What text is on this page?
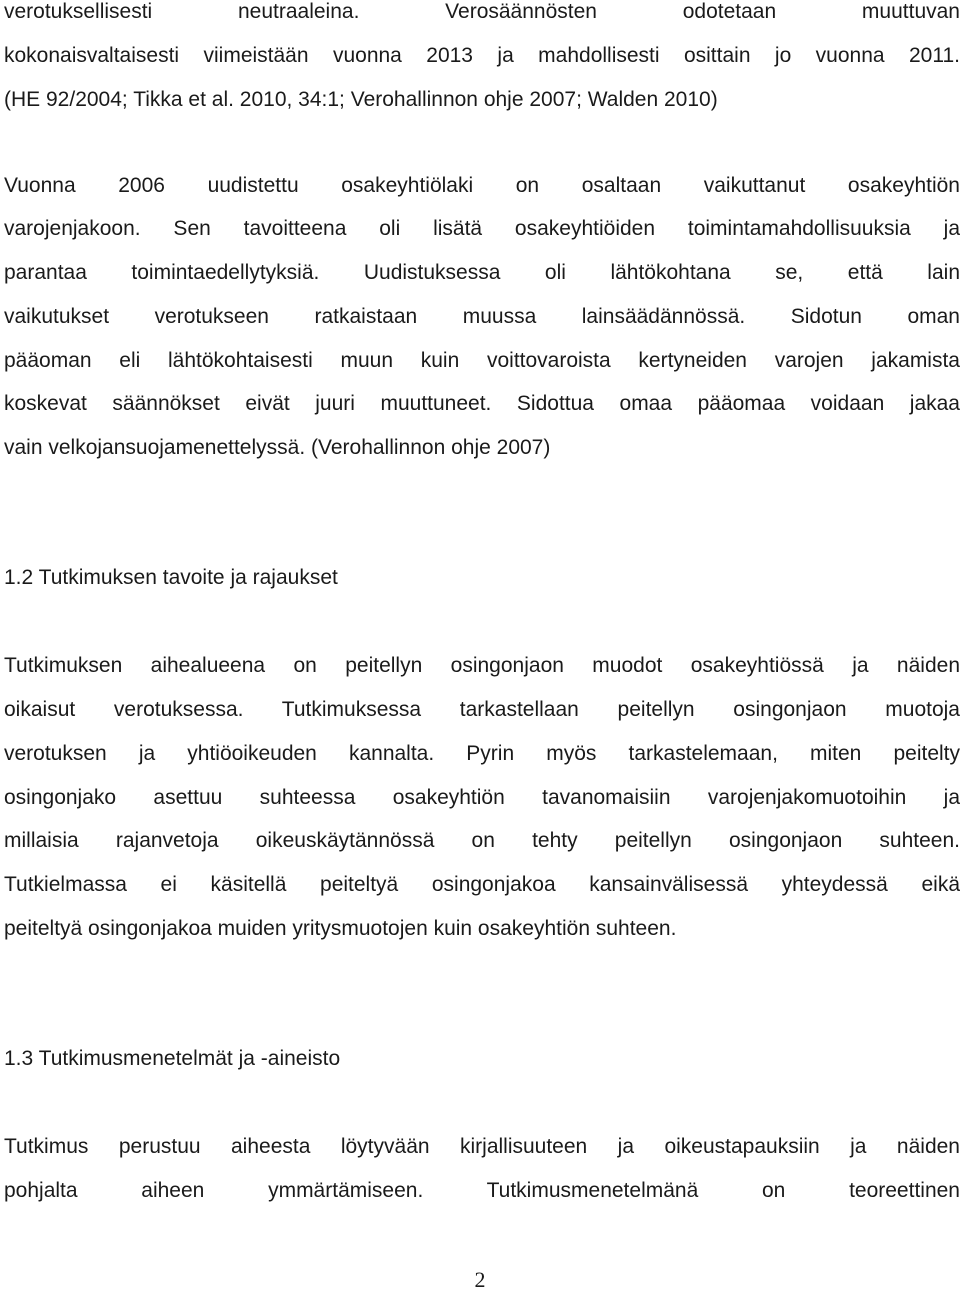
verotuksellisesti neutraaleina. Verosäännösten odotetaan muuttuvan
kokonaisvaltaisesti viimeistään vuonna 2013 ja mahdollisesti osittain jo vuonna 2011.
(HE 92/2004; Tikka et al. 2010, 34:1; Verohallinnon ohje 2007; Walden 2010)
Vuonna 2006 uudistettu osakeyhtiölaki on osaltaan vaikuttanut osakeyhtiön
varojenjakoon. Sen tavoitteena oli lisätä osakeyhtiöiden toimintamahdollisuuksia ja
parantaa toimintaedellytyksiä. Uudistuksessa oli lähtökohtana se, että lain
vaikutukset verotukseen ratkaistaan muussa lainsäädännössä. Sidotun oman
pääoman eli lähtökohtaisesti muun kuin voittovaroista kertyneiden varojen jakamista
koskevat säännökset eivät juuri muuttuneet. Sidottua omaa pääomaa voidaan jakaa
vain velkojansuojamenettelyssä. (Verohallinnon ohje 2007)
1.2 Tutkimuksen tavoite ja rajaukset
Tutkimuksen aihealueena on peitellyn osingonjaon muodot osakeyhtiössä ja näiden
oikaisut verotuksessa. Tutkimuksessa tarkastellaan peitellyn osingonjaon muotoja
verotuksen ja yhtiöoikeuden kannalta. Pyrin myös tarkastelemaan, miten peitelty
osingonjako asettuu suhteessa osakeyhtiön tavanomaisiin varojenjakomuotoihin ja
millaisia rajanvetoja oikeuskäytännössä on tehty peitellyn osingonjaon suhteen.
Tutkielmassa ei käsitellä peiteltyä osingonjakoa kansainvälisessä yhteydessä eikä
peiteltyä osingonjakoa muiden yritysmuotojen kuin osakeyhtiön suhteen.
1.3 Tutkimusmenetelmät ja -aineisto
Tutkimus perustuu aiheesta löytyvään kirjallisuuteen ja oikeustapauksiin ja näiden
pohjalta aiheen ymmärtämiseen. Tutkimusmenetelmänä on teoreettinen
2
